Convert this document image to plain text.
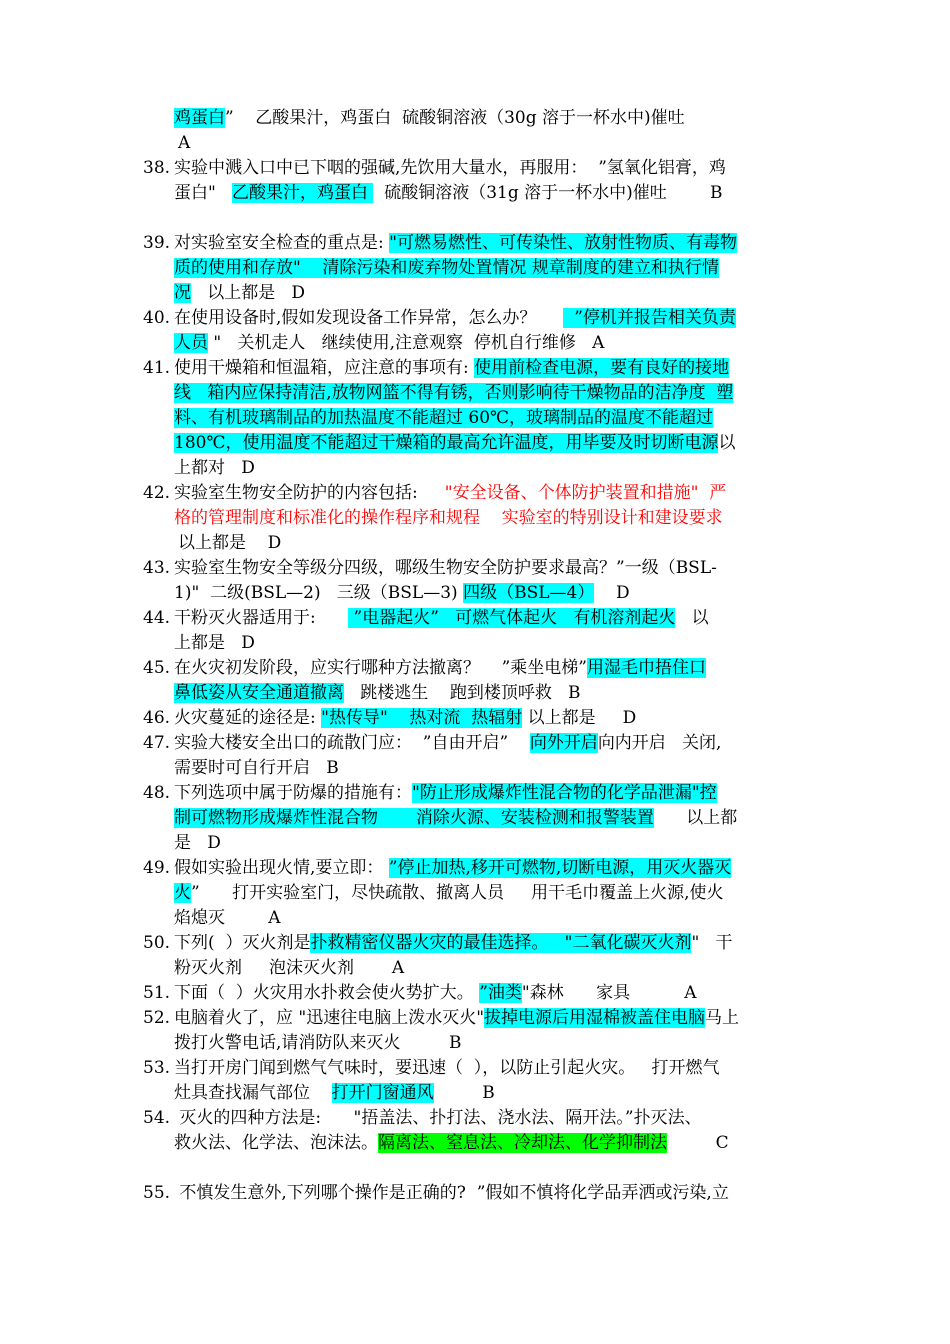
鸡蛋白”    乙酸果汁，鸡蛋白  硫酸铜溶液（30g 溶于一杯水中)催吐
A
38. 实验中溅入口中已下咽的强碱,先饮用大量水，再服用：  ”氢氧化铝膏，鸡
蛋白"   乙酸果汁，鸡蛋白   硫酸铜溶液（31g 溶于一杯水中)催吐        B
39. 对实验室安全检查的重点是: "可燃易燃性、可传染性、放射性物质、有毒物
质的使用和存放"    清除污染和废弃物处置情况 规章制度的建立和执行情
况   以上都是   D
40. 在使用设备时,假如发现设备工作异常，怎么办？       ”停机并报告相关负责
人员 "   关机走人   继续使用,注意观察  停机自行维修   A
41. 使用干燥箱和恒温箱，应注意的事项有: 使用前检查电源，要有良好的接地
线   箱内应保持清洁,放物网篮不得有锈，否则影响待干燥物品的洁净度  塑
料、有机玻璃制品的加热温度不能超过 60℃，玻璃制品的温度不能超过
180℃，使用温度不能超过干燥箱的最高允许温度，用毕要及时切断电源以
上都对   D
42. 实验室生物安全防护的内容包括:     "安全设备、个体防护装置和措施"  严
格的管理制度和标准化的操作程序和规程    实验室的特别设计和建设要求
以上都是    D
43. 实验室生物安全等级分四级，哪级生物安全防护要求最高？”一级（BSL-
1)"  二级(BSL—2)   三级（BSL—3) 四级（BSL—4）    D
44. 干粉灭火器适用于:       ”电器起火”   可燃气体起火   有机溶剂起火   以
上都是   D
45. 在火灾初发阶段，应实行哪种方法撤离？    ”乘坐电梯”用湿毛巾捂住口
鼻低姿从安全通道撤离   跳楼逃生    跑到楼顶呼救   B
46. 火灾蔓延的途径是: "热传导"    热对流  热辐射 以上都是     D
47. 实验大楼安全出口的疏散门应：  ”自由开启”    向外开启向内开启   关闭,
需要时可自行开启   B
48. 下列选项中属于防爆的措施有："防止形成爆炸性混合物的化学品泄漏"控
制可燃物形成爆炸性混合物       消除火源、安装检测和报警装置      以上都
是   D
49. 假如实验出现火情,要立即： ”停止加热,移开可燃物,切断电源，用灭火器灭
火”      打开实验室门，尽快疏散、撤离人员     用干毛巾覆盖上火源,使火
焰熄灭        A
50. 下列(  ）灭火剂是扑救精密仪器火灾的最佳选择。   "二氧化碳灭火剂"   干
粉灭火剂     泡沫灭火剂       A
51. 下面（  ）火灾用水扑救会使火势扩大。 ”油类"森林      家具          A
52. 电脑着火了，应 "迅速往电脑上泼水灭火"拔掉电源后用湿棉被盖住电脑马上
拨打火警电话,请消防队来灭火         B
53. 当打开房门闻到燃气气味时，要迅速（  ），以防止引起火灾。   打开燃气
灶具查找漏气部位    打开门窗通风         B
54. 灭火的四种方法是:      "捂盖法、扑打法、浇水法、隔开法。”扑灭法、
救火法、化学法、泡沫法。隔离法、窒息法、冷却法、化学抑制法         C
55. 不慎发生意外,下列哪个操作是正确的?  ”假如不慎将化学品弄洒或污染,立
